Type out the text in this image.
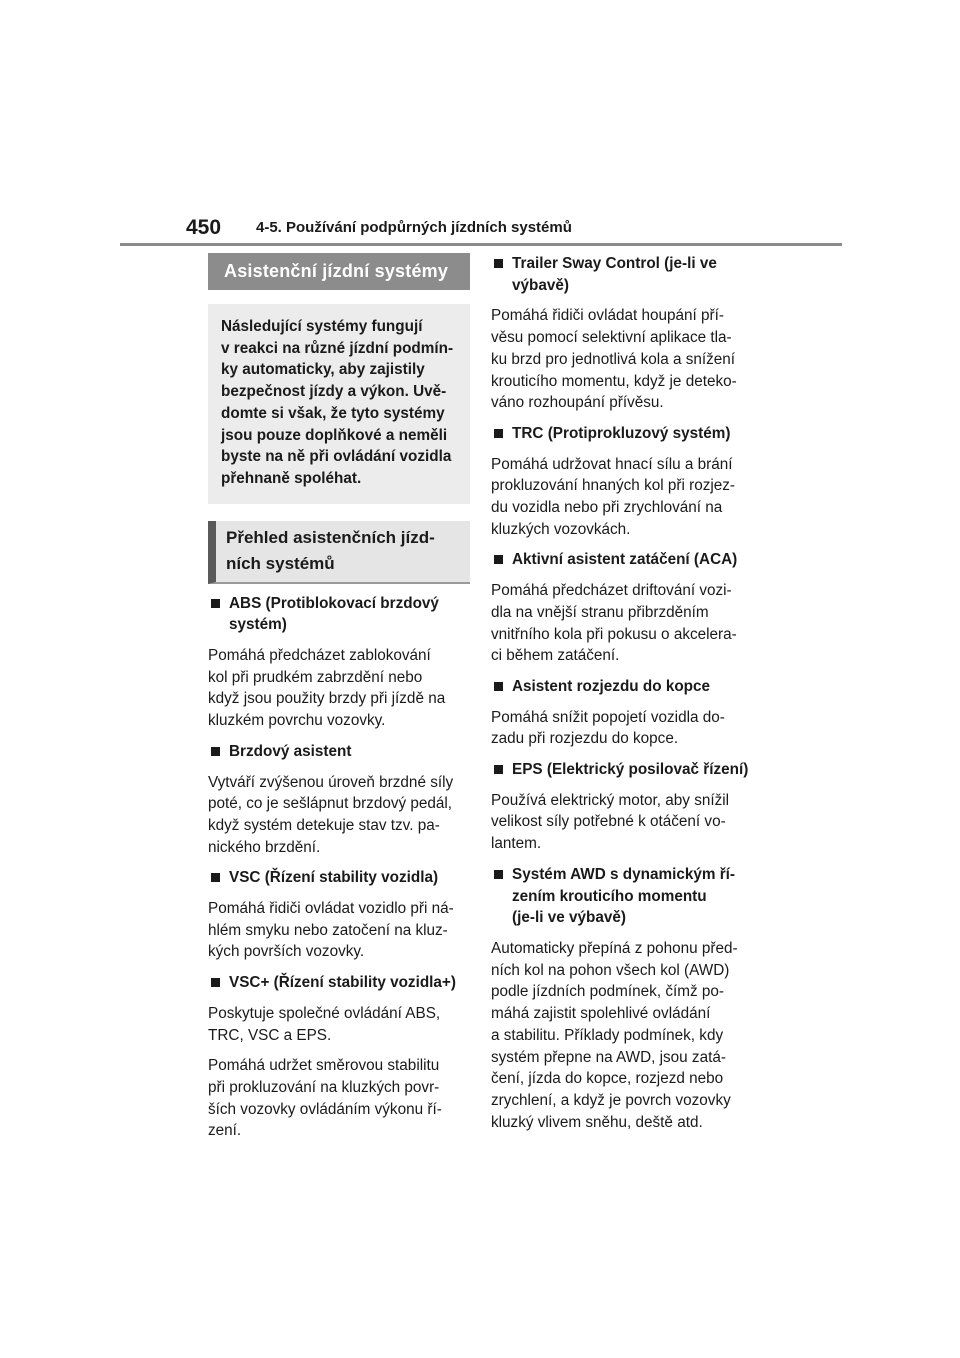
450 4-5. Používání podpůrných jízdních systémů
Asistenční jízdní systémy
Následující systémy fungují
v reakci na různé jízdní podmín-
ky automaticky, aby zajistily
bezpečnost jízdy a výkon. Uvě-
domte si však, že tyto systémy
jsou pouze doplňkové a neměli
byste na ně při ovládání vozidla
přehnaně spoléhat.
Přehled asistenčních jízd-
ních systémů
ABS (Protiblokovací brzdový
systém)
Pomáhá předcházet zablokování
kol při prudkém zabrzdění nebo
když jsou použity brzdy při jízdě na
kluzkém povrchu vozovky.
Brzdový asistent
Vytváří zvýšenou úroveň brzdné síly
poté, co je sešlápnut brzdový pedál,
když systém detekuje stav tzv. pa-
nického brzdění.
VSC (Řízení stability vozidla)
Pomáhá řidiči ovládat vozidlo při ná-
hlém smyku nebo zatočení na kluz-
kých površích vozovky.
VSC+ (Řízení stability vozidla+)
Poskytuje společné ovládání ABS,
TRC, VSC a EPS.
Pomáhá udržet směrovou stabilitu
při prokluzování na kluzkých povr-
ších vozovky ovládáním výkonu ří-
zení.
Trailer Sway Control (je-li ve
výbavě)
Pomáhá řidiči ovládat houpání pří-
věsu pomocí selektivní aplikace tla-
ku brzd pro jednotlivá kola a snížení
krouticího momentu, když je deteko-
váno rozhoupání přívěsu.
TRC (Protiprokluzový systém)
Pomáhá udržovat hnací sílu a brání
prokluzování hnaných kol při rozjez-
du vozidla nebo při zrychlování na
kluzkých vozovkách.
Aktivní asistent zatáčení (ACA)
Pomáhá předcházet driftování vozi-
dla na vnější stranu přibrzděním
vnitřního kola při pokusu o akcelera-
ci během zatáčení.
Asistent rozjezdu do kopce
Pomáhá snížit popojetí vozidla do-
zadu při rozjezdu do kopce.
EPS (Elektrický posilovač řízení)
Používá elektrický motor, aby snížil
velikost síly potřebné k otáčení vo-
lantem.
Systém AWD s dynamickým ří-
zením krouticího momentu
(je-li ve výbavě)
Automaticky přepíná z pohonu před-
ních kol na pohon všech kol (AWD)
podle jízdních podmínek, čímž po-
máhá zajistit spolehlivé ovládání
a stabilitu. Příklady podmínek, kdy
systém přepne na AWD, jsou zatá-
čení, jízda do kopce, rozjezd nebo
zrychlení, a když je povrch vozovky
kluzký vlivem sněhu, deště atd.
